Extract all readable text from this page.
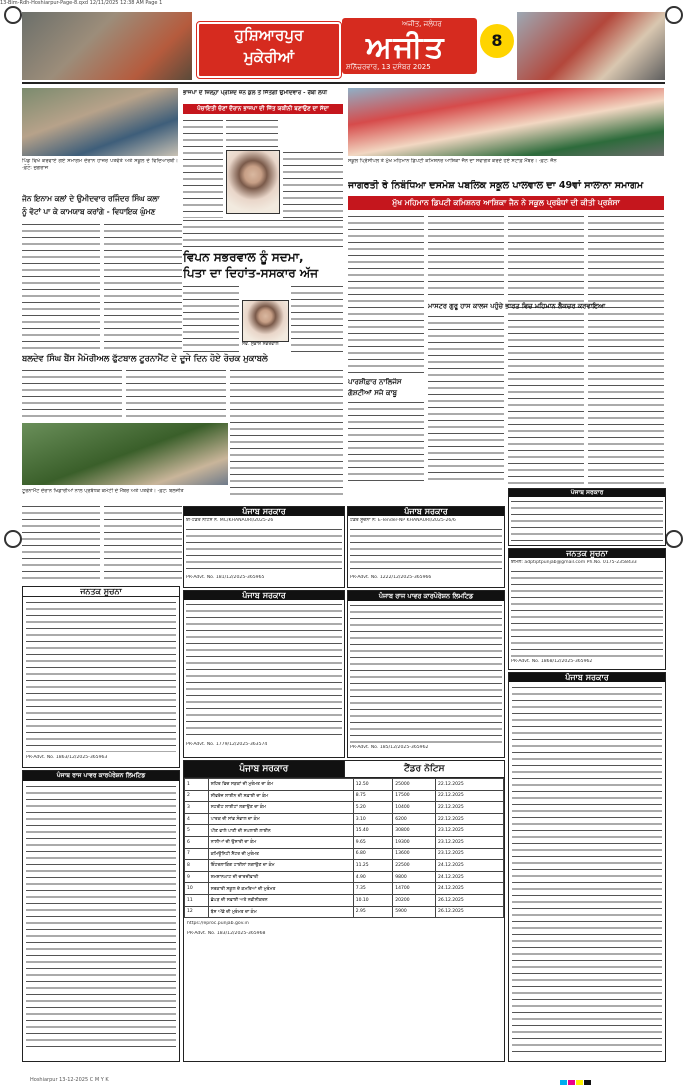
13-Bim-Rdh-Hoshiarpur-Page-8.qxd 12/11/2025 12:38 AM Page 1
ਹੁਸ਼ਿਆਰਪੁਰ
ਮੁਕੇਰੀਆਂ
ਅਜੀਤ, ਜਲੰਧਰ
ਅਜੀਤ
ਸ਼ਨਿੱਚਰਵਾਰ, 13 ਦਸੰਬਰ 2025
8
ਪਿੰਡ ਵਿਖੇ ਕਰਵਾਏ ਗਏ ਸਮਾਗਮ ਦੌਰਾਨ ਹਾਜ਼ਰ ਪਤਵੰਤੇ ਅਤੇ ਸਕੂਲ ਦੇ ਵਿਦਿਆਰਥੀ। -ਫ਼ੋਟੋ: ਜੁਗਰਾਜ
ਜੋਨ ਇਨਾਮ ਕਲਾਂ ਦੇ ਉਮੀਦਵਾਰ ਰਜਿੰਦਰ ਸਿੰਘ ਕਲਾ
ਨੂੰ ਵੋਟਾਂ ਪਾ ਕੇ ਕਾਮਯਾਬ ਕਰਾਂਗੇ - ਵਿਧਾਇਕ ਘੁੰਮਣ
ਭਾਜਪਾ ਦੇ ਜ਼ਿਲ੍ਹਾ ਪ੍ਰੀਸ਼ਦ ਜ਼ੋਨ ਕੁਲ ਤੋਂ ਜਿੱਤੇਗੀ ਉਮੀਦਵਾਰ - ਰੈਬੀ ਲੋਧੀ
ਪੰਚਾਇਤੀ ਚੋਣਾਂ ਦੌਰਾਨ ਭਾਜਪਾ ਦੀ ਜਿੱਤ ਯਕੀਨੀ ਬਣਾਉਣ ਦਾ ਸੱਦਾ
ਵਿਪਨ ਸਭਰਵਾਲ ਨੂੰ ਸਦਮਾ,
ਪਿਤਾ ਦਾ ਦਿਹਾਂਤ-ਸਸਕਾਰ ਅੱਜ
ਸਵ. ਸੁਭਾਸ਼ ਸਭਰਵਾਲ
ਬਲਦੇਵ ਸਿੰਘ ਬੈਂਸ ਮੈਮੋਰੀਅਲ ਫੁੱਟਬਾਲ ਟੂਰਨਾਮੈਂਟ ਦੇ ਦੂਜੇ ਦਿਨ ਹੋਏ ਰੋਚਕ ਮੁਕਾਬਲੇ
ਟੂਰਨਾਮੈਂਟ ਦੌਰਾਨ ਖਿਡਾਰੀਆਂ ਨਾਲ ਪ੍ਰਬੰਧਕ ਕਮੇਟੀ ਦੇ ਮੈਂਬਰ ਅਤੇ ਪਤਵੰਤੇ। -ਫ਼ੋਟੋ: ਬਲਜੀਤ
ਸਕੂਲ ਪ੍ਰਿੰਸੀਪਲ ਤੇ ਮੁੱਖ ਮਹਿਮਾਨ ਡਿਪਟੀ ਕਮਿਸ਼ਨਰ ਆਸ਼ਿਕਾ ਜੈਨ ਦਾ ਸਵਾਗਤ ਕਰਦੇ ਹੋਏ ਸਟਾਫ਼ ਮੈਂਬਰ। -ਫ਼ੋਟੋ: ਜੈਨ
ਜਾਗਰਤੀ ਰੇ ਨਿਬੰਧਿਆ ਦਸਮੇਸ਼ ਪਬਲਿਕ ਸਕੂਲ ਪਾਲਵਾਲ ਦਾ 49ਵਾਂ ਸਾਲਾਨਾ ਸਮਾਗਮ
ਮੁੱਖ ਮਹਿਮਾਨ ਡਿਪਟੀ ਕਮਿਸ਼ਨਰ ਆਸ਼ਿਕਾ ਜੈਨ ਨੇ ਸਕੂਲ ਪ੍ਰਬੰਧਾਂ ਦੀ ਕੀਤੀ ਪ੍ਰਸ਼ੰਸਾ
ਮਾਸਟਰ ਗੁਰੂ ਹਾਸ ਕਾਲਜ ਪਹੁੰਚੇ ਭਾਰਤ ਵਿਚ ਮਹਿਮਾਨ ਲੈਕਚਰ ਕਰਵਾਇਆ
ਪਾਰਸ਼ੀਫ਼ਾਰ ਨਾਲਿਜੰਸ
ਗੋਸ਼ਟੀਆਂ ਸਜੇ ਕਾਬੂ
ਪੰਜਾਬ ਸਰਕਾਰ
ਪੰਜਾਬ ਸਰਕਾਰ
ਈ-ਟੈਂਡਰ ਨੋਟਿਸ ਨੰ. MC/KHANAURI/2025-26
PR-Advt. No. 181/12/2025-365965
ਪੰਜਾਬ ਸਰਕਾਰ
ਟੈਂਡਰ ਸੂਚਨਾ ਨੰ: E-Tender-NP KHANAURI/2025-26/6
PR-Advt. No. 1222/12/2025-365966
ਜਨਤਕ ਸੂਚਨਾ
PR-Advt. No. 1863/12/2025-365963
ਪੰਜਾਬ ਸਰਕਾਰ
PR-Advt. No. 1779/12/2025-363574
ਪੰਜਾਬ ਰਾਜ ਪਾਵਰ ਕਾਰਪੋਰੇਸ਼ਨ ਲਿਮਟਿਡ
PR-Advt. No. 185/12/2025-365962
ਜਨਤਕ ਸੂਚਨਾ
ਈਮੇਲ: adptiptpunjab@gmail.com Ph.No. 0175-2358433
PR-Advt. No. 1868/12/2025-365962
ਪੰਜਾਬ ਸਰਕਾਰ	ਟੈਂਡਰ ਨੋਟਿਸ
1	ਸ਼ਹਿਰ ਵਿਚ ਸੜਕਾਂ ਦੀ ਮੁਰੰਮਤ ਦਾ ਕੰਮ	12.50	25000	22.12.2025
2	ਸੀਵਰੇਜ ਲਾਈਨ ਦੀ ਸਫ਼ਾਈ ਦਾ ਕੰਮ	8.75	17500	22.12.2025
3	ਸਟਰੀਟ ਲਾਈਟਾਂ ਲਗਾਉਣ ਦਾ ਕੰਮ	5.20	10400	22.12.2025
4	ਪਾਰਕ ਦੀ ਸਾਂਭ ਸੰਭਾਲ ਦਾ ਕੰਮ	3.10	6200	22.12.2025
5	ਪੀਣ ਵਾਲੇ ਪਾਣੀ ਦੀ ਸਪਲਾਈ ਲਾਈਨ	15.40	30800	23.12.2025
6	ਨਾਲੀਆਂ ਦੀ ਉਸਾਰੀ ਦਾ ਕੰਮ	9.65	19300	23.12.2025
7	ਕਮਿਊਨਿਟੀ ਸੈਂਟਰ ਦੀ ਮੁਰੰਮਤ	6.80	13600	23.12.2025
8	ਇੰਟਰਲਾਕਿੰਗ ਟਾਈਲਾਂ ਲਗਾਉਣ ਦਾ ਕੰਮ	11.25	22500	24.12.2025
9	ਸ਼ਮਸ਼ਾਨਘਾਟ ਦੀ ਚਾਰਦੀਵਾਰੀ	4.90	9800	24.12.2025
10	ਸਰਕਾਰੀ ਸਕੂਲ ਦੇ ਕਮਰਿਆਂ ਦੀ ਮੁਰੰਮਤ	7.35	14700	24.12.2025
11	ਛੱਪੜ ਦੀ ਸਫ਼ਾਈ ਅਤੇ ਨਵੀਨੀਕਰਨ	10.10	20200	26.12.2025
12	ਬੱਸ ਅੱਡੇ ਦੀ ਮੁਰੰਮਤ ਦਾ ਕੰਮ	2.95	5900	26.12.2025
https://eproc.punjab.gov.in
PR-Advt. No. 183/12/2025-365968
ਪੰਜਾਬ ਰਾਜ ਪਾਵਰ ਕਾਰਪੋਰੇਸ਼ਨ ਲਿਮਟਿਡ
ਪੰਜਾਬ ਸਰਕਾਰ
Hoshiarpur 13-12-2025 C M Y K
